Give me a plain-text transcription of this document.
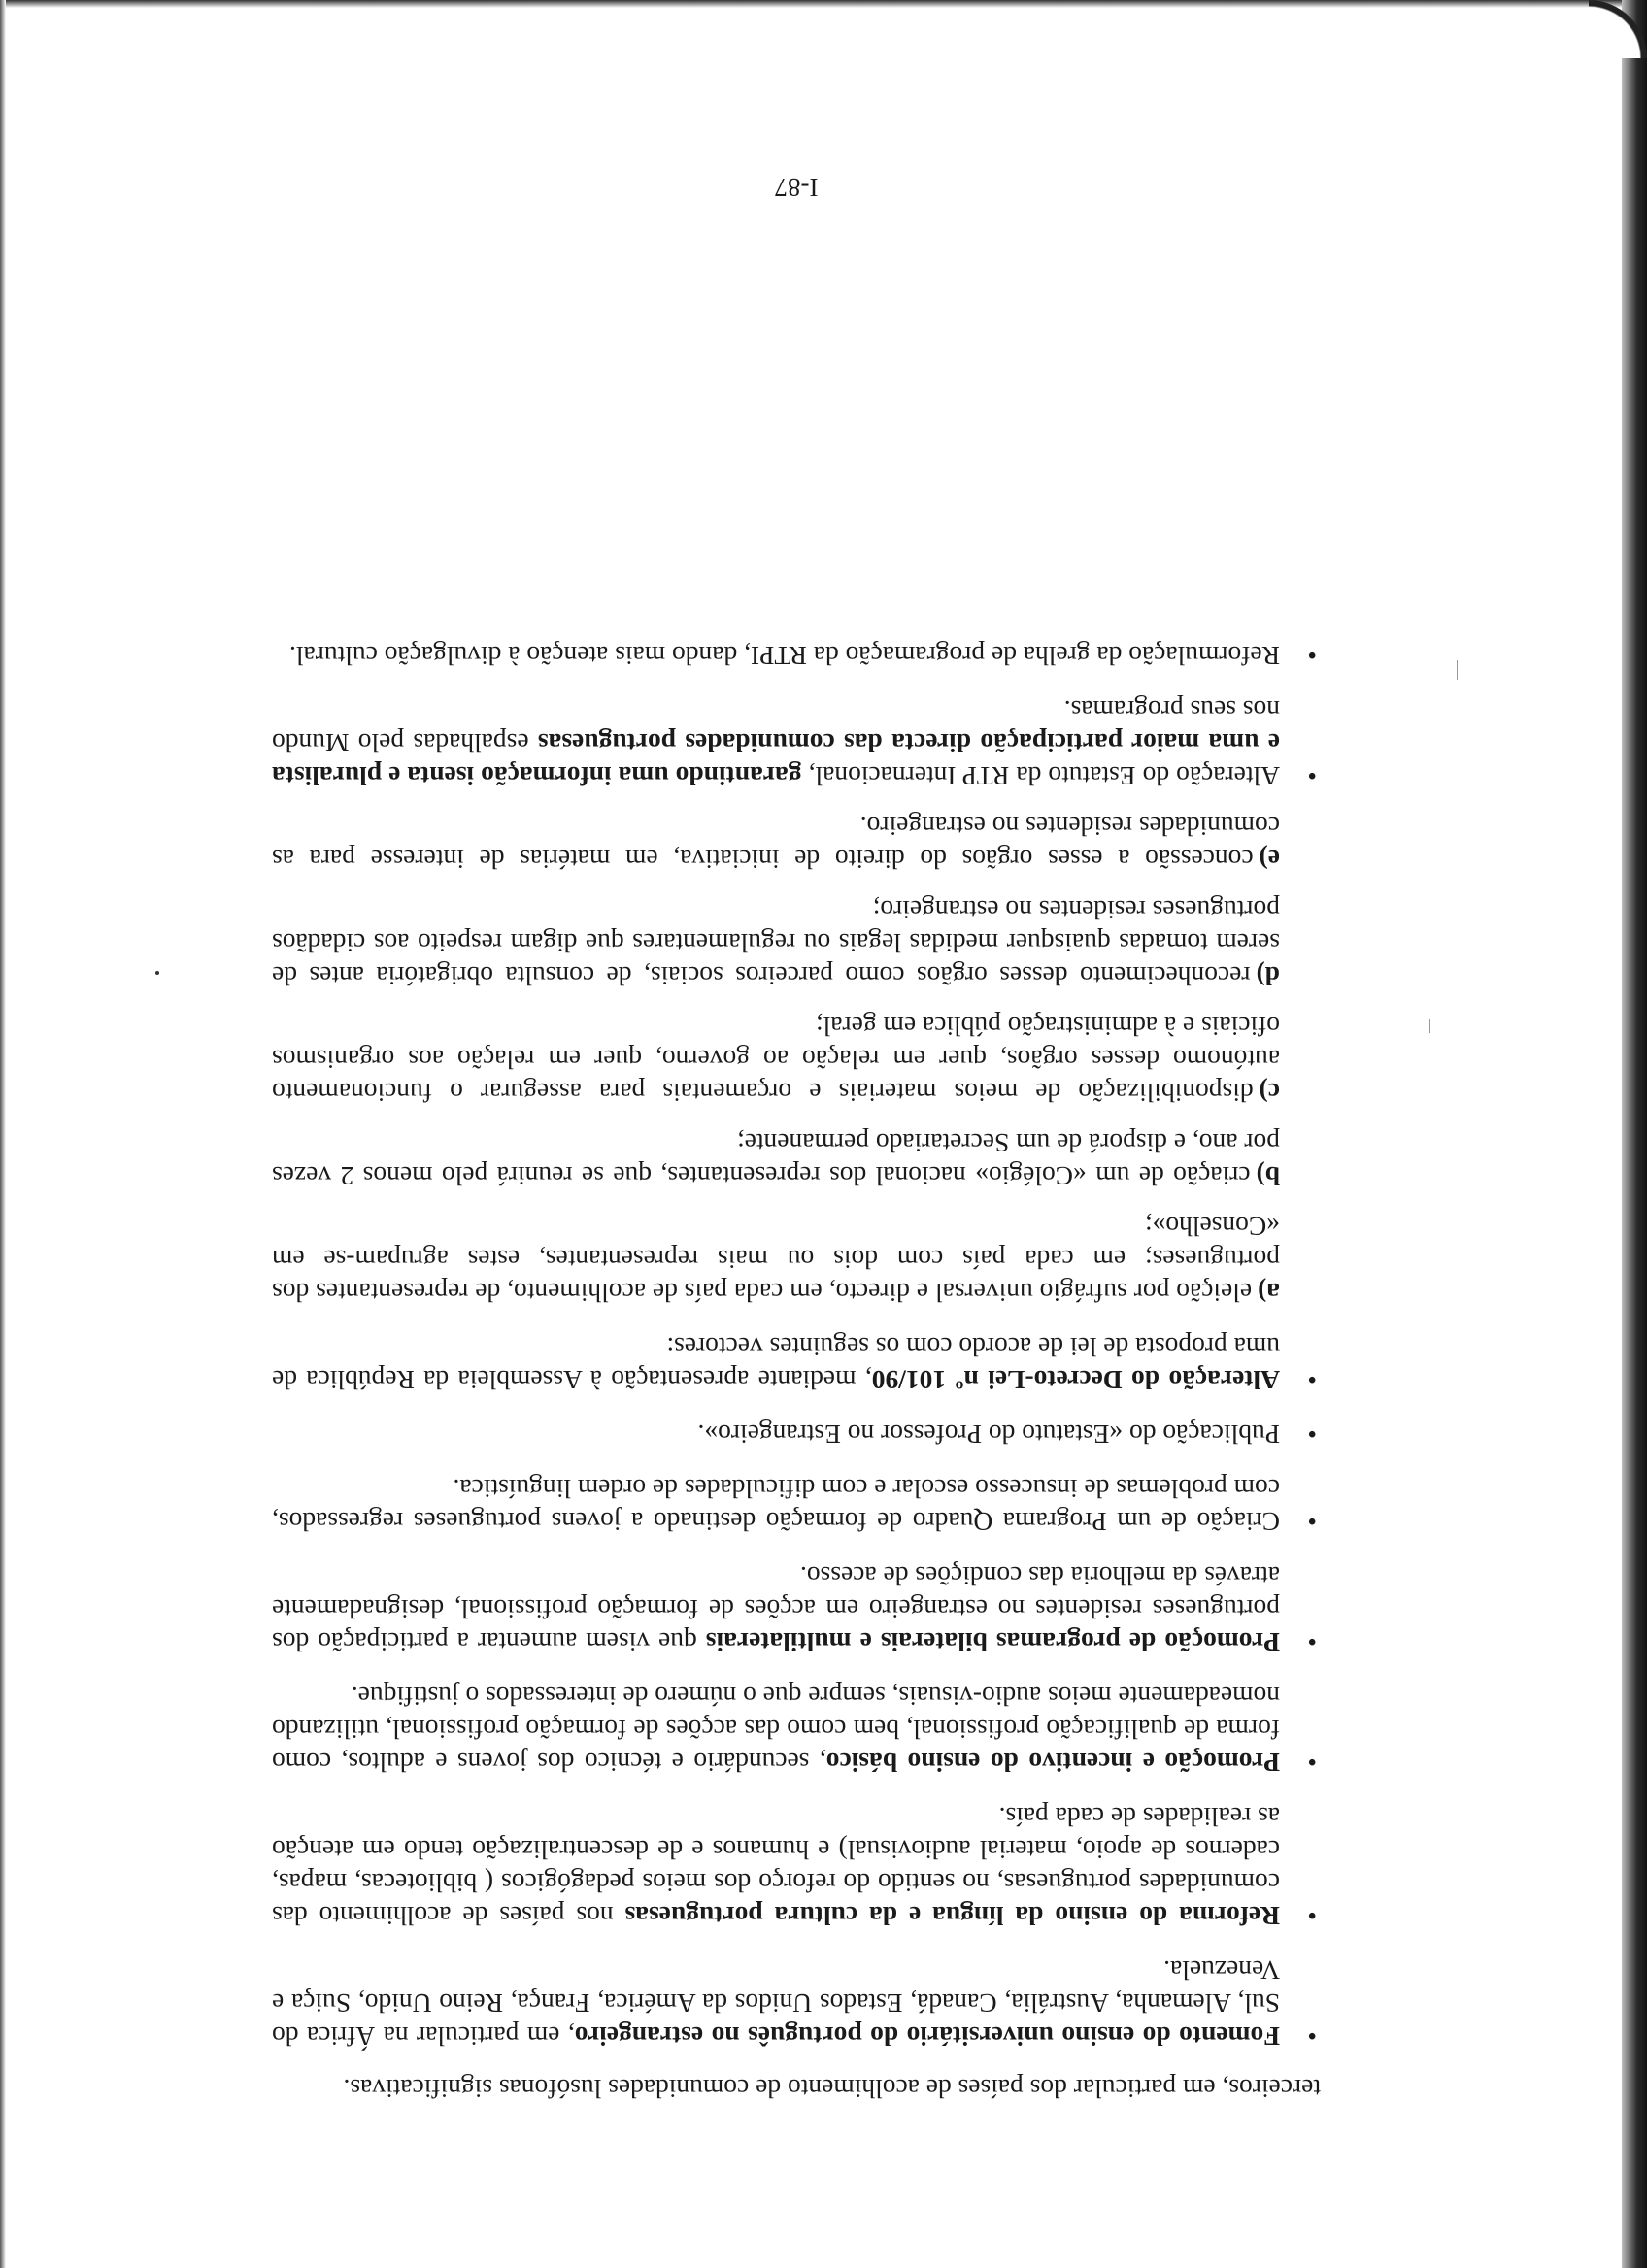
terceiros, em particular dos países de acolhimento de comunidades lusófonas significativas.

•
Fomento do ensino universitário do português no estrangeiro, em particular na África do Sul, Alemanha, Austrália, Canadá, Estados Unidos da América, França, Reino Unido, Suiça e Venezuela.
•
Reforma do ensino da língua e da cultura portuguesas nos países de acolhimento das comunidades portuguesas, no sentido do reforço dos meios pedagógicos ( bibliotecas, mapas, cadernos de apoio, material audiovisual) e humanos e de descentralização tendo em atenção as realidades de cada país.
•
Promoção e incentivo do ensino básico, secundário e técnico dos jovens e adultos, como forma de qualificação profissional, bem como das acções de formação profissional, utilizando nomeadamente meios audio-visuais, sempre que o número de interessados o justifique.
•
Promoção de programas bilaterais e multilaterais que visem aumentar a participação dos portugueses residentes no estrangeiro em acções de formação profissional, designadamente através da melhoria das condições de acesso.
•
Criação de um Programa Quadro de formação destinado a jovens portugueses regressados, com problemas de insucesso escolar e com dificuldades de ordem linguística.
•
Publicação do «Estatuto do Professor no Estrangeiro».
•
Alteração do Decreto-Lei nº 101/90, mediante apresentação à Assembleia da República de uma proposta de lei de acordo com os seguintes vectores:

a)eleição por sufrágio universal e directo, em cada país de acolhimento, de representantes dos portugueses; em cada país com dois ou mais representantes, estes agrupam-se em «Conselho»;

b)criação de um «Colégio» nacional dos representantes, que se reunirá pelo menos 2 vezes por ano, e disporá de um Secretariado permanente;

c)disponibilização de meios materiais e orçamentais para assegurar o funcionamento autónomo desses orgãos, quer em relação ao governo, quer em relação aos organismos oficiais e à administração pública em geral;

d)reconhecimento desses orgãos como parceiros sociais, de consulta obrigatória antes de serem tomadas quaisquer medidas legais ou regulamentares que digam respeito aos cidadãos portugueses residentes no estrangeiro;

e)concessão a esses orgãos do direito de iniciativa, em matérias de interesse para as comunidades residentes no estrangeiro.

•
Alteração do Estatuto da RTP Internacional, garantindo uma informação isenta e pluralista e uma maior participação directa das comunidades portuguesas espalhadas pelo Mundo nos seus programas.
•
Reformulação da grelha de programação da RTPI, dando mais atenção à divulgação cultural.
I-87
